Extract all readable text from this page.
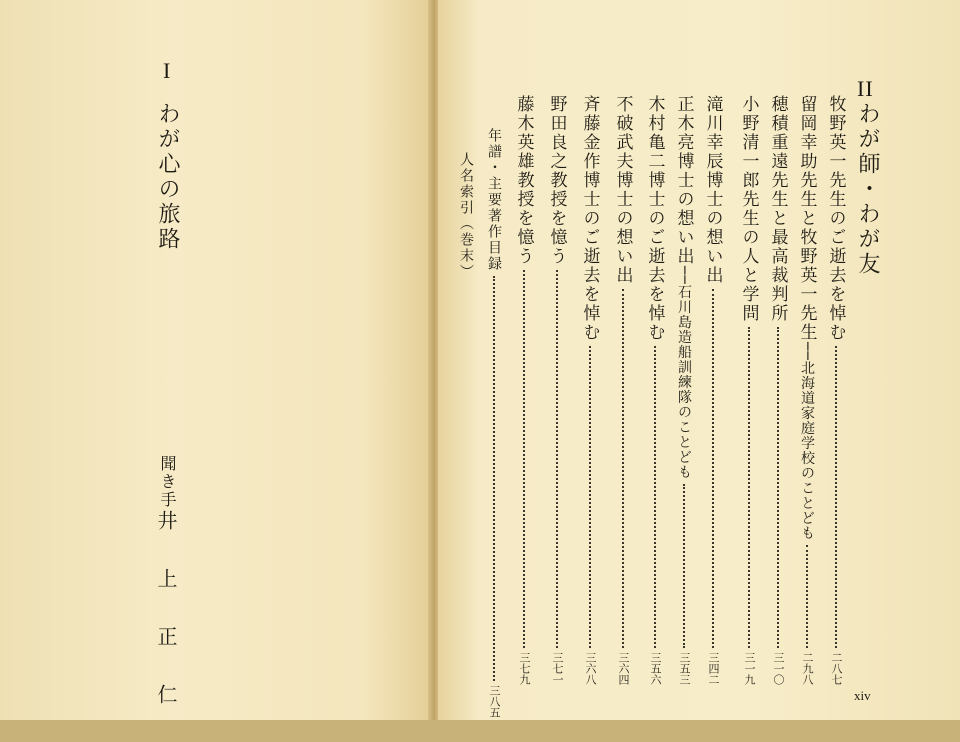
I
わが心の旅路
聞き手
井上正仁
II
わが師・わが友
牧野英一先生のご逝去を悼む
二八七
留岡幸助先生と牧野英一先生
──北海道家庭学校のことども
二九八
穂積重遠先生と最高裁判所
三一〇
小野清一郎先生の人と学問
三一九
滝川幸辰博士の想い出
三四二
正木亮博士の想い出
──石川島造船訓練隊のことども
三五三
木村亀二博士のご逝去を悼む
三五六
不破武夫博士の想い出
三六四
斉藤金作博士のご逝去を悼む
三六八
野田良之教授を憶う
三七一
藤木英雄教授を憶う
三七九
年譜・主要著作目録
三八五
人名索引（巻末）
xiv
